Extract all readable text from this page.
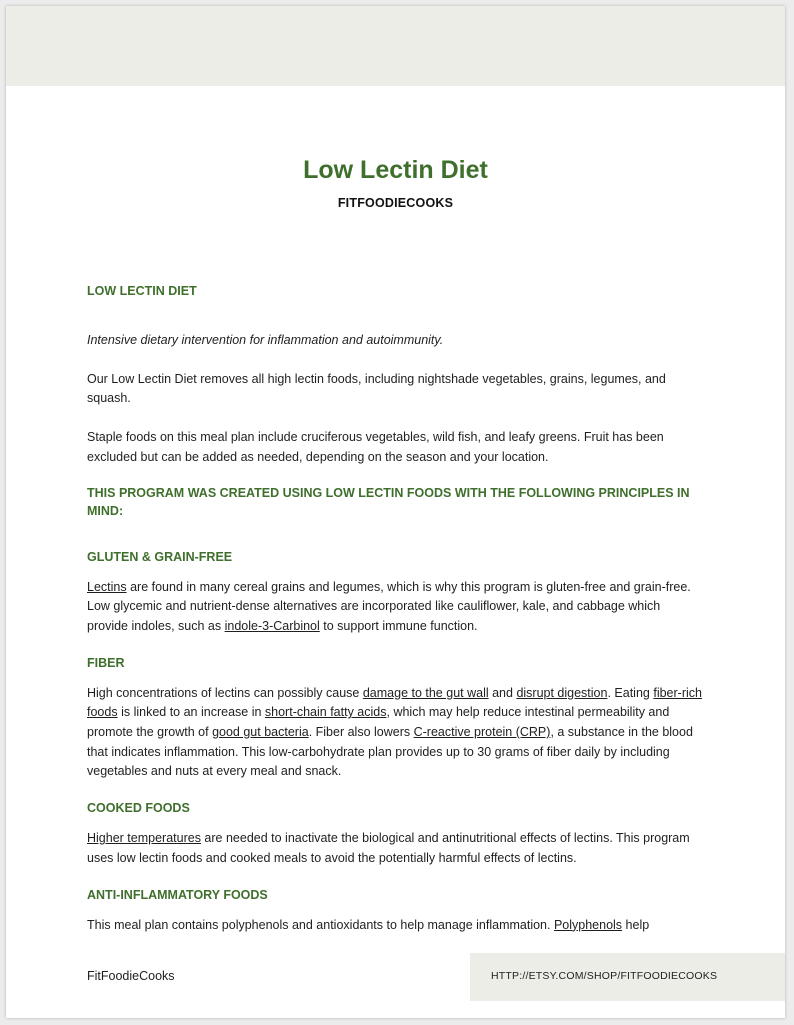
Low Lectin Diet
FITFOODIECOOKS
LOW LECTIN DIET

Intensive dietary intervention for inflammation and autoimmunity.

Our Low Lectin Diet removes all high lectin foods, including nightshade vegetables, grains, legumes, and squash.

Staple foods on this meal plan include cruciferous vegetables, wild fish, and leafy greens. Fruit has been excluded but can be added as needed, depending on the season and your location.

THIS PROGRAM WAS CREATED USING LOW LECTIN FOODS WITH THE FOLLOWING PRINCIPLES IN MIND:
GLUTEN & GRAIN-FREE

Lectins are found in many cereal grains and legumes, which is why this program is gluten-free and grain-free. Low glycemic and nutrient-dense alternatives are incorporated like cauliflower, kale, and cabbage which provide indoles, such as indole-3-Carbinol to support immune function.

FIBER

High concentrations of lectins can possibly cause damage to the gut wall and disrupt digestion. Eating fiber-rich foods is linked to an increase in short-chain fatty acids, which may help reduce intestinal permeability and promote the growth of good gut bacteria. Fiber also lowers C-reactive protein (CRP), a substance in the blood that indicates inflammation. This low-carbohydrate plan provides up to 30 grams of fiber daily by including vegetables and nuts at every meal and snack.

COOKED FOODS

Higher temperatures are needed to inactivate the biological and antinutritional effects of lectins. This program uses low lectin foods and cooked meals to avoid the potentially harmful effects of lectins.

ANTI-INFLAMMATORY FOODS

This meal plan contains polyphenols and antioxidants to help manage inflammation. Polyphenols help

FitFoodieCooks	HTTP://ETSY.COM/SHOP/FITFOODIECOOKS
